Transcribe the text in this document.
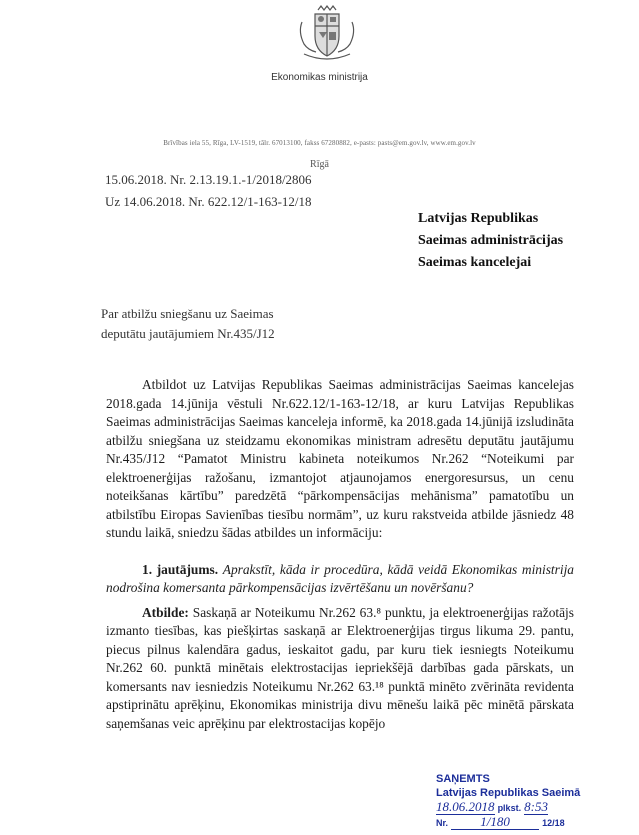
Ekonomikas ministrija
Brīvības iela 55, Rīga, LV-1519, tālr. 67013100, fakss 67280882, e-pasts: pasts@em.gov.lv, www.em.gov.lv
Rīgā
15.06.2018. Nr. 2.13.19.1.-1/2018/2806
Uz 14.06.2018. Nr. 622.12/1-163-12/18
Latvijas Republikas
Saeimas administrācijas
Saeimas kancelejai
Par atbilžu sniegšanu uz Saeimas
deputātu jautājumiem Nr.435/J12

Atbildot uz Latvijas Republikas Saeimas administrācijas Saeimas kancelejas 2018.gada 14.jūnija vēstuli Nr.622.12/1-163-12/18, ar kuru Latvijas Republikas Saeimas administrācijas Saeimas kanceleja informē, ka 2018.gada 14.jūnijā izsludināta atbilžu sniegšana uz steidzamu ekonomikas ministram adresētu deputātu jautājumu Nr.435/J12 “Pamatot Ministru kabineta noteikumos Nr.262 “Noteikumi par elektroenerģijas ražošanu, izmantojot atjaunojamos energoresursus, un cenu noteikšanas kārtību” paredzētā “pārkompensācijas mehānisma” pamatotību un atbilstību Eiropas Savienības tiesību normām”, uz kuru rakstveida atbilde jāsniedz 48 stundu laikā, sniedzu šādas atbildes un informāciju:

1. jautājums. Aprakstīt, kāda ir procedūra, kādā veidā Ekonomikas ministrija nodrošina komersanta pārkompensācijas izvērtēšanu un novēršanu?

Atbilde: Saskaņā ar Noteikumu Nr.262 63.⁸ punktu, ja elektroenerģijas ražotājs izmanto tiesības, kas piešķirtas saskaņā ar Elektroenerģijas tirgus likuma 29. pantu, piecus pilnus kalendāra gadus, ieskaitot gadu, par kuru tiek iesniegts Noteikumu Nr.262 60. punktā minētais elektrostacijas iepriekšējā darbības gada pārskats, un komersants nav iesniedzis Noteikumu Nr.262 63.¹⁸ punktā minēto zvērināta revidenta apstiprinātu aprēķinu, Ekonomikas ministrija divu mēnešu laikā pēc minētā pārskata saņemšanas veic aprēķinu par elektrostacijas kopējo

SAŅEMTS
Latvijas Republikas Saeimā
18.06.2018 plkst. 8:53
Nr. 1/180	12/18
